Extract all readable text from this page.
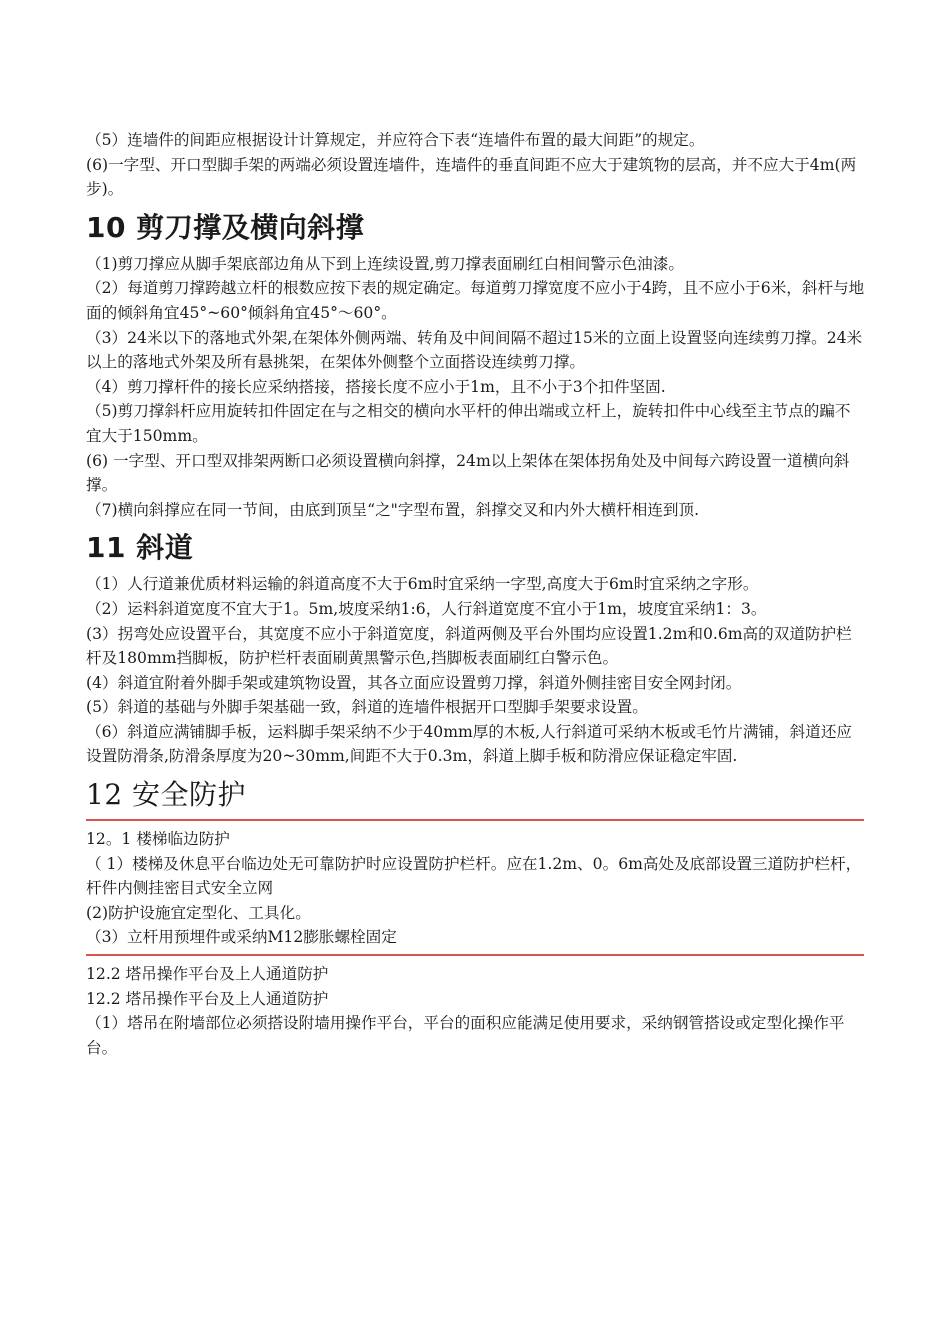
（5）连墙件的间距应根据设计计算规定，并应符合下表“连墙件布置的最大间距”的规定。

(6)一字型、开口型脚手架的两端必须设置连墙件，连墙件的垂直间距不应大于建筑物的层高，并不应大于4m(两步)。

10 剪刀撑及横向斜撑

（1)剪刀撑应从脚手架底部边角从下到上连续设置,剪刀撑表面刷红白相间警示色油漆。

（2）每道剪刀撑跨越立杆的根数应按下表的规定确定。每道剪刀撑宽度不应小于4跨，且不应小于6米，斜杆与地面的倾斜角宜45°~60°倾斜角宜45°～60°。

（3）24米以下的落地式外架,在架体外侧两端、转角及中间间隔不超过15米的立面上设置竖向连续剪刀撑。24米以上的落地式外架及所有悬挑架，在架体外侧整个立面搭设连续剪刀撑。

（4）剪刀撑杆件的接长应采纳搭接，搭接长度不应小于1m，且不小于3个扣件坚固.

（5)剪刀撑斜杆应用旋转扣件固定在与之相交的横向水平杆的伸出端或立杆上，旋转扣件中心线至主节点的蹁不宜大于150mm。

(6) 一字型、开口型双排架两断口必须设置横向斜撑，24m以上架体在架体拐角处及中间每六跨设置一道横向斜撑。

（7)横向斜撑应在同一节间，由底到顶呈“之"字型布置，斜撑交叉和内外大横杆相连到顶.

11 斜道

（1）人行道兼优质材料运输的斜道高度不大于6m时宜采纳一字型,高度大于6m时宜采纳之字形。

（2）运料斜道宽度不宜大于1。5m,坡度采纳1:6，人行斜道宽度不宜小于1m，坡度宜采纳1：3。

(3）拐弯处应设置平台，其宽度不应小于斜道宽度，斜道两侧及平台外围均应设置1.2m和0.6m高的双道防护栏杆及180mm挡脚板，防护栏杆表面刷黄黑警示色,挡脚板表面刷红白警示色。

(4）斜道宜附着外脚手架或建筑物设置，其各立面应设置剪刀撑，斜道外侧挂密目安全网封闭。

(5）斜道的基础与外脚手架基础一致，斜道的连墙件根据开口型脚手架要求设置。

（6）斜道应满铺脚手板，运料脚手架采纳不少于40mm厚的木板,人行斜道可采纳木板或毛竹片满铺，斜道还应设置防滑条,防滑条厚度为20~30mm,间距不大于0.3m，斜道上脚手板和防滑应保证稳定牢固.

12 安全防护

12。1 楼梯临边防护

（ 1）楼梯及休息平台临边处无可靠防护时应设置防护栏杆。应在1.2m、0。6m高处及底部设置三道防护栏杆，杆件内侧挂密目式安全立网

(2)防护设施宜定型化、工具化。

（3）立杆用预埋件或采纳M12膨胀螺栓固定

12.2 塔吊操作平台及上人通道防护

12.2 塔吊操作平台及上人通道防护

（1）塔吊在附墙部位必须搭设附墙用操作平台，平台的面积应能满足使用要求，采纳钢管搭设或定型化操作平台。
